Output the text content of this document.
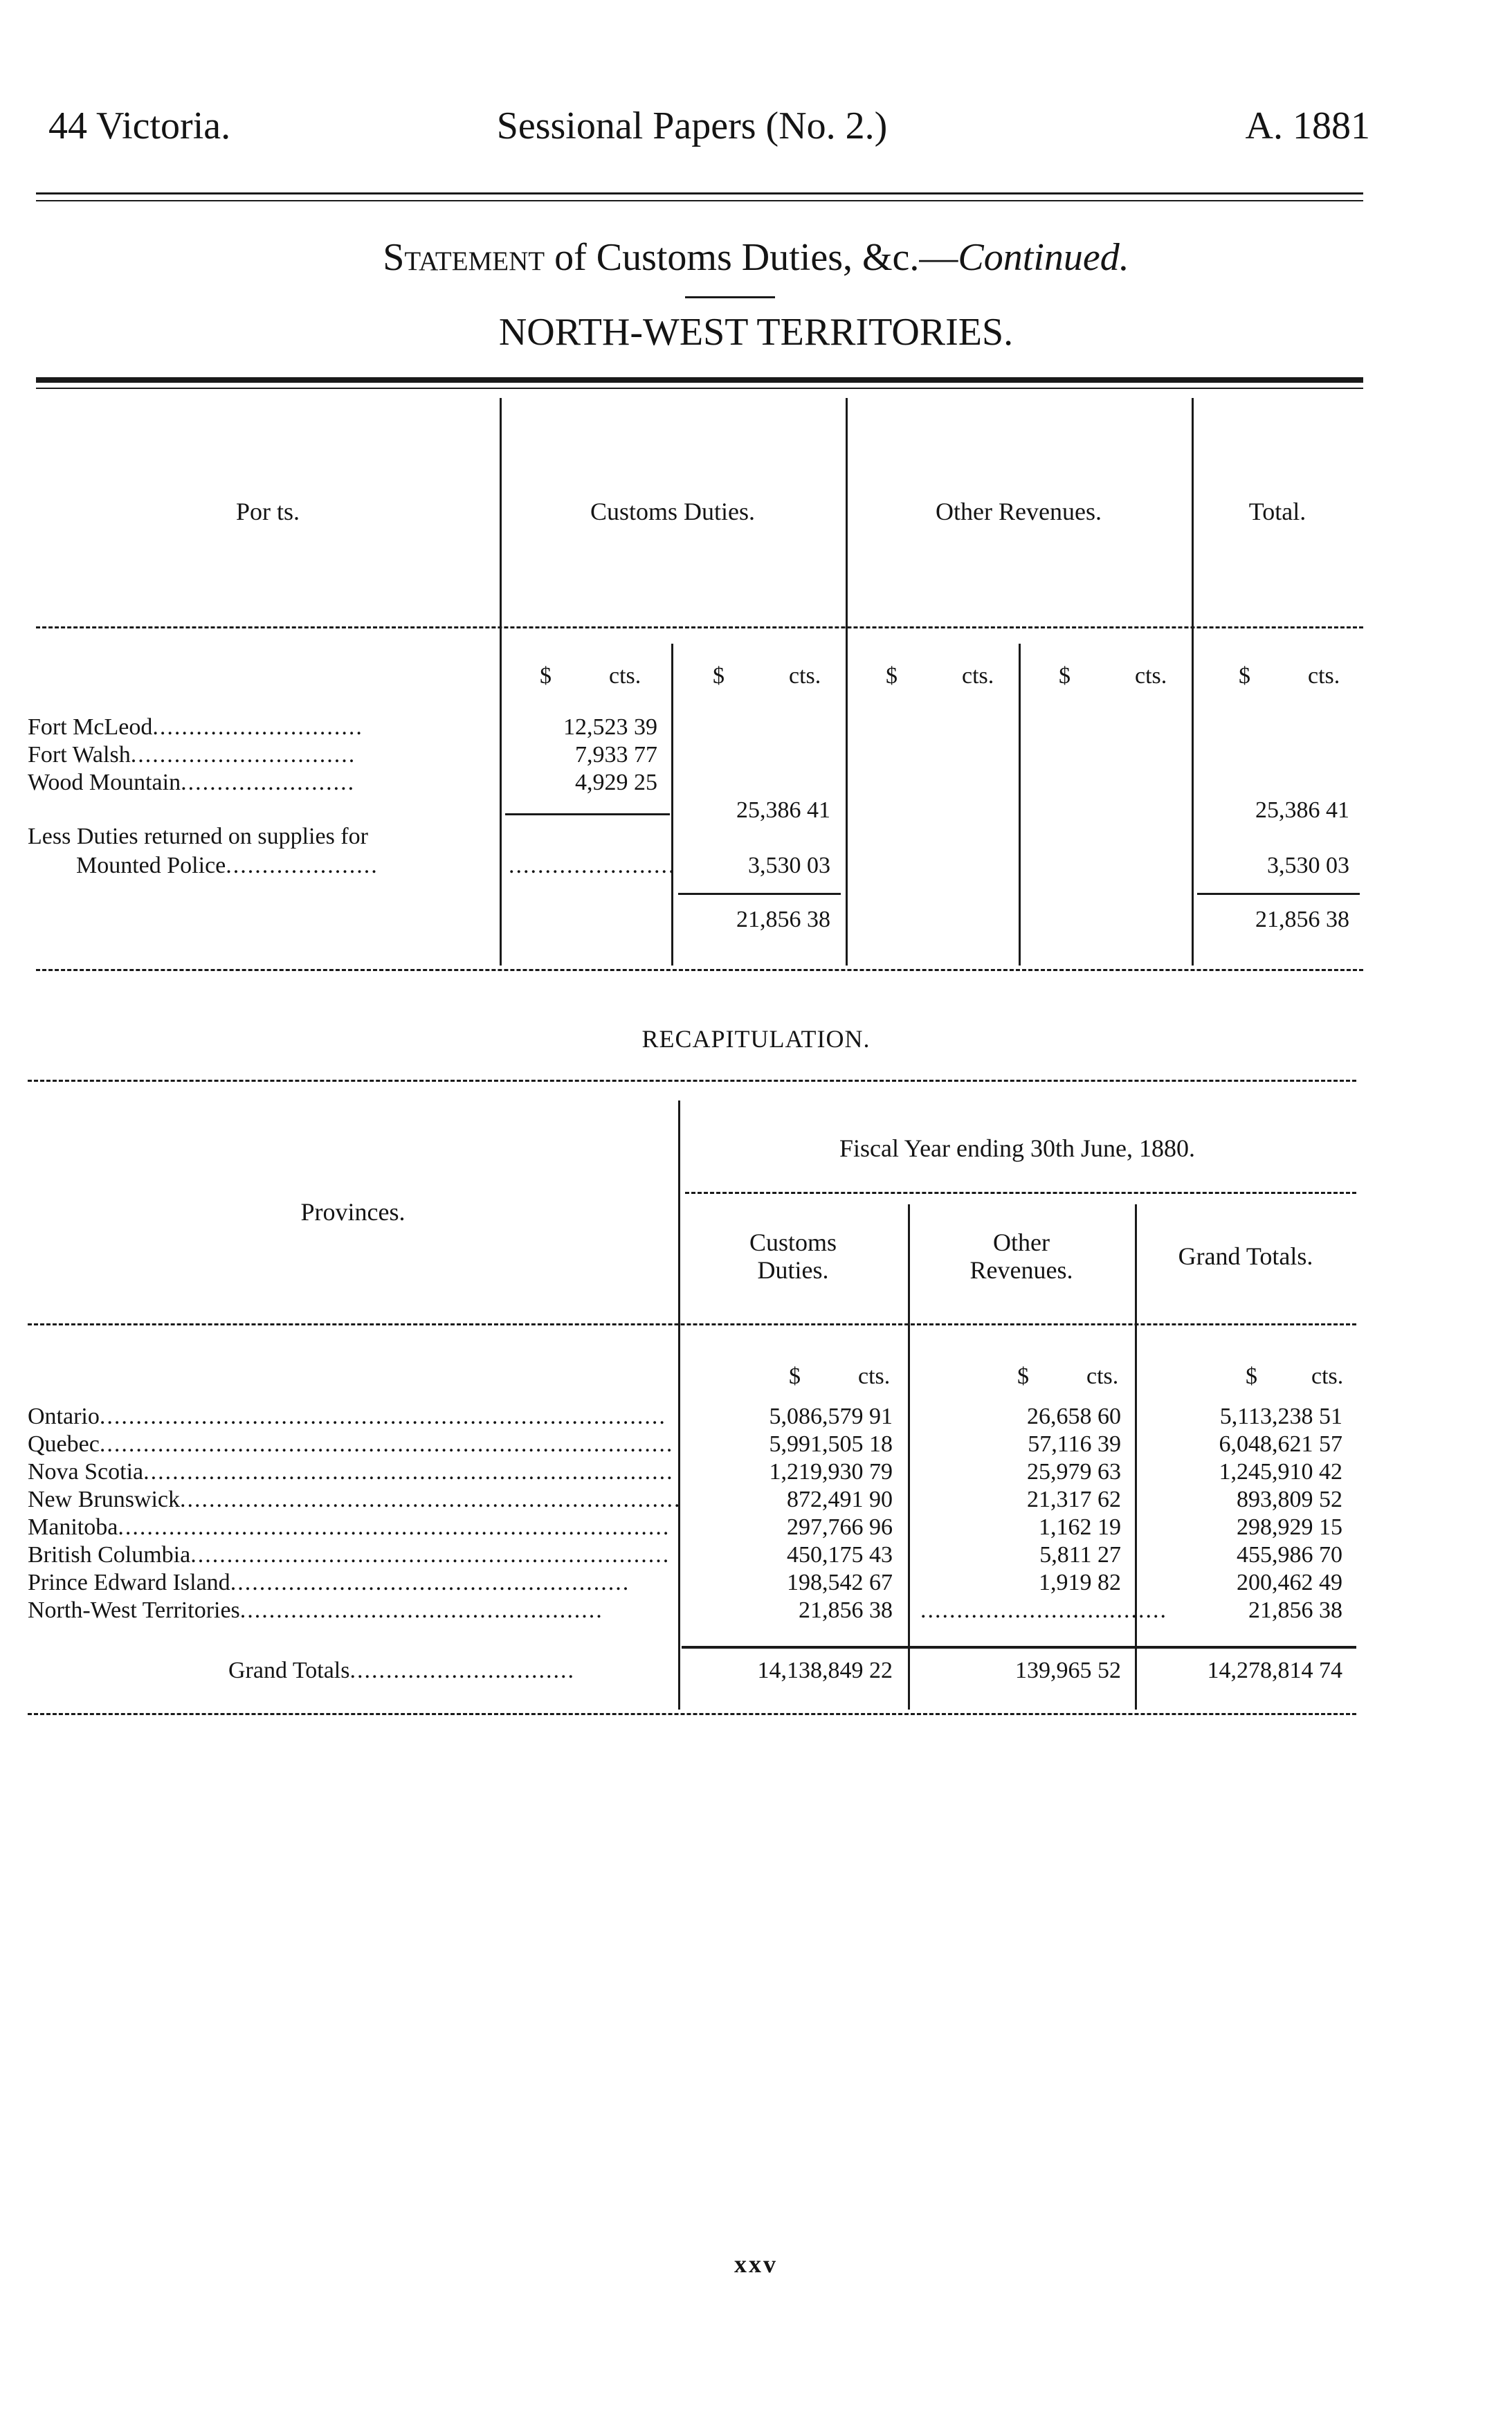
44 Victoria.	Sessional Papers (No. 2.)	A. 1881
Statement of Customs Duties, &c.—Continued.
NORTH-WEST TERRITORIES.
Por ts.	Customs Duties.	Other Revenues.	Total.
$ cts.	$	cts.	$	cts.	$	cts.	$ cts.
Fort McLeod.............................	12,523 39
Fort Walsh...............................	7,933 77
Wood Mountain........................	4,929 25
25,386 41	25,386 41
Less Duties returned on supplies for
Mounted Police.....................	.......................	3,530 03	3,530 03
21,856 38	21,856 38
RECAPITULATION.
Provinces.
Fiscal Year ending 30th June, 1880.
Customs
Duties.
Other
Revenues.	Grand Totals.
$ cts.	$ cts.	$ cts.
Ontario..............................................................................	5,086,579 91	26,658 60	5,113,238 51
Quebec...............................................................................	5,991,505 18	57,116 39	6,048,621 57
Nova Scotia.........................................................................	1,219,930 79	25,979 63	1,245,910 42
New Brunswick.....................................................................	872,491 90	21,317 62	893,809 52
Manitoba............................................................................	297,766 96	1,162 19	298,929 15
British Columbia..................................................................	450,175 43	5,811 27	455,986 70
Prince Edward Island.......................................................	198,542 67	1,919 82	200,462 49
North-West Territories..................................................	21,856 38 ..................................	21,856 38
Grand Totals...............................	14,138,849 22	139,965 52	14,278,814 74
xxv
